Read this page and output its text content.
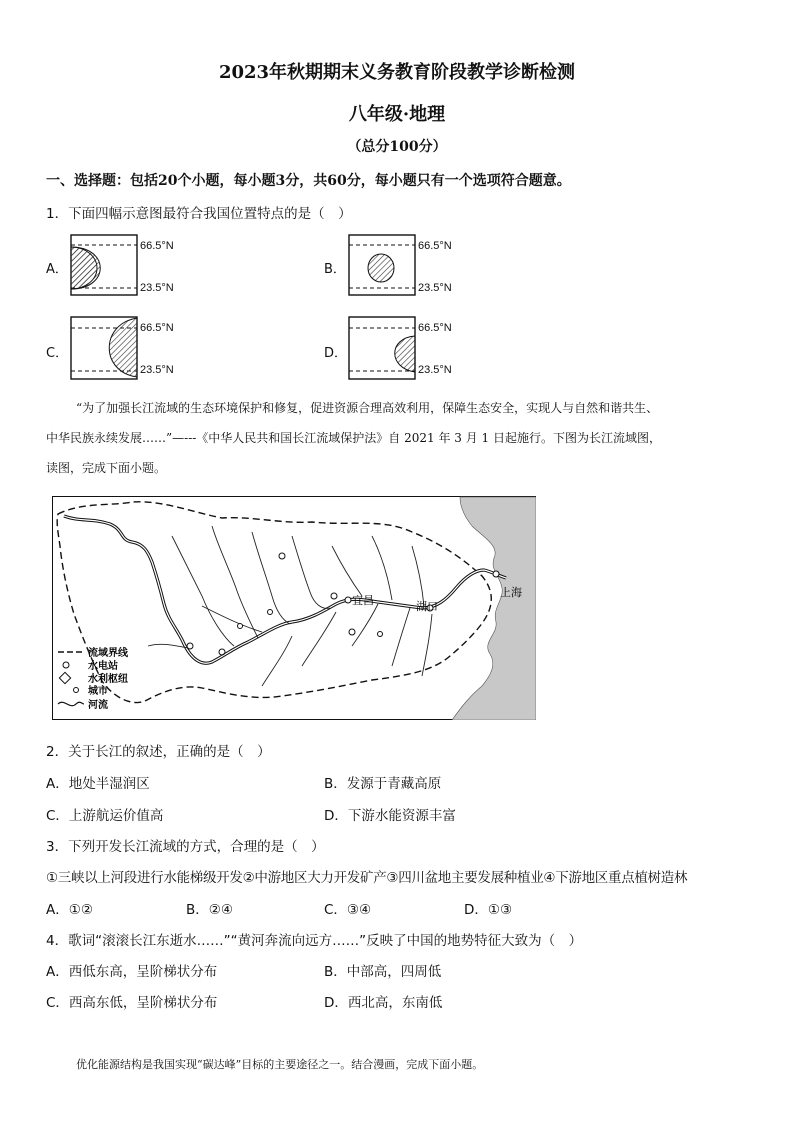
2023年秋期期末义务教育阶段教学诊断检测
八年级·地理
（总分100分）
一、选择题：包括20个小题，每小题3分，共60分，每小题只有一个选项符合题意。
1．下面四幅示意图最符合我国位置特点的是（　）
A．
66.5°N
23.5°N
B．
66.5°N
23.5°N
C．
66.5°N
23.5°N
D．
66.5°N
23.5°N
“为了加强长江流域的生态环境保护和修复，促进资源合理高效利用，保障生态安全，实现人与自然和谐共生、
中华民族永续发展……”—---《中华人民共和国长江流域保护法》自 2021 年 3 月 1 日起施行。下图为长江流域图，
读图，完成下面小题。
宜昌	湖口
上海
流域界线
水电站
水利枢纽
城市
河流
2．关于长江的叙述，正确的是（　）
A．地处半湿润区	B．发源于青藏高原
C．上游航运价值高	D．下游水能资源丰富
3．下列开发长江流域的方式，合理的是（　）
①三峡以上河段进行水能梯级开发②中游地区大力开发矿产③四川盆地主要发展种植业④下游地区重点植树造林
A．①②	B．②④	C．③④	D．①③
4．歌词“滚滚长江东逝水……”“黄河奔流向远方……”反映了中国的地势特征大致为（　）
A．西低东高，呈阶梯状分布	B．中部高，四周低
C．西高东低，呈阶梯状分布	D．西北高，东南低
优化能源结构是我国实现“碳达峰”目标的主要途径之一。结合漫画，完成下面小题。
